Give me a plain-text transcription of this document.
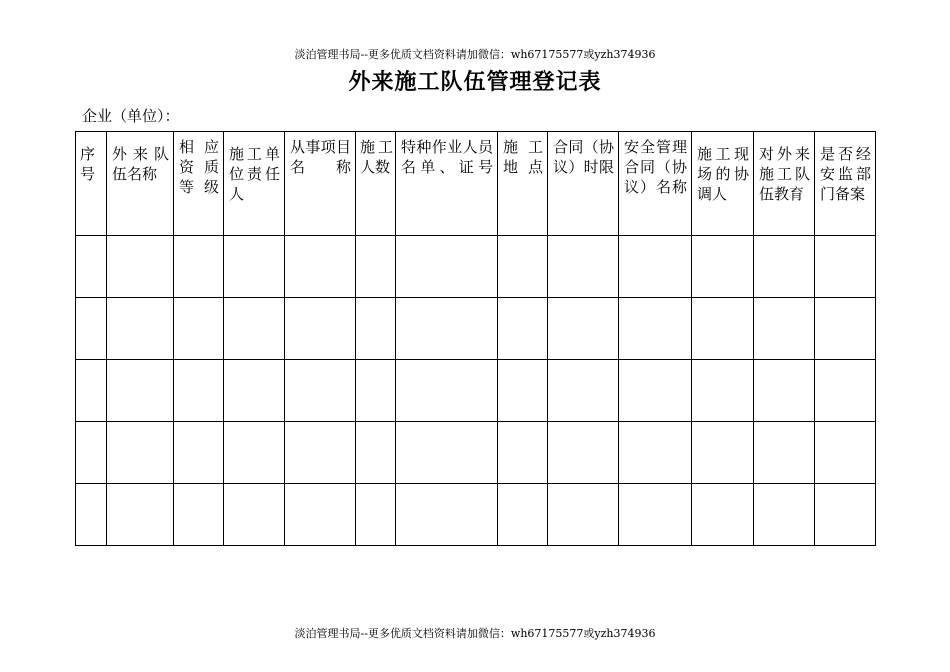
淡泊管理书局--更多优质文档资料请加微信：wh67175577或yzh374936
外来施工队伍管理登记表
企业（单位）：
序号	外来队伍名称	相应资质等级	施工单位责任人	从事项目名称	施工人数	特种作业人员名单、证号	施工地点	合同（协议）时限	安全管理合同（协议）名称	施工现场的协调人	对外来施工队伍教育	是否经安监部门备案

淡泊管理书局--更多优质文档资料请加微信：wh67175577或yzh374936
